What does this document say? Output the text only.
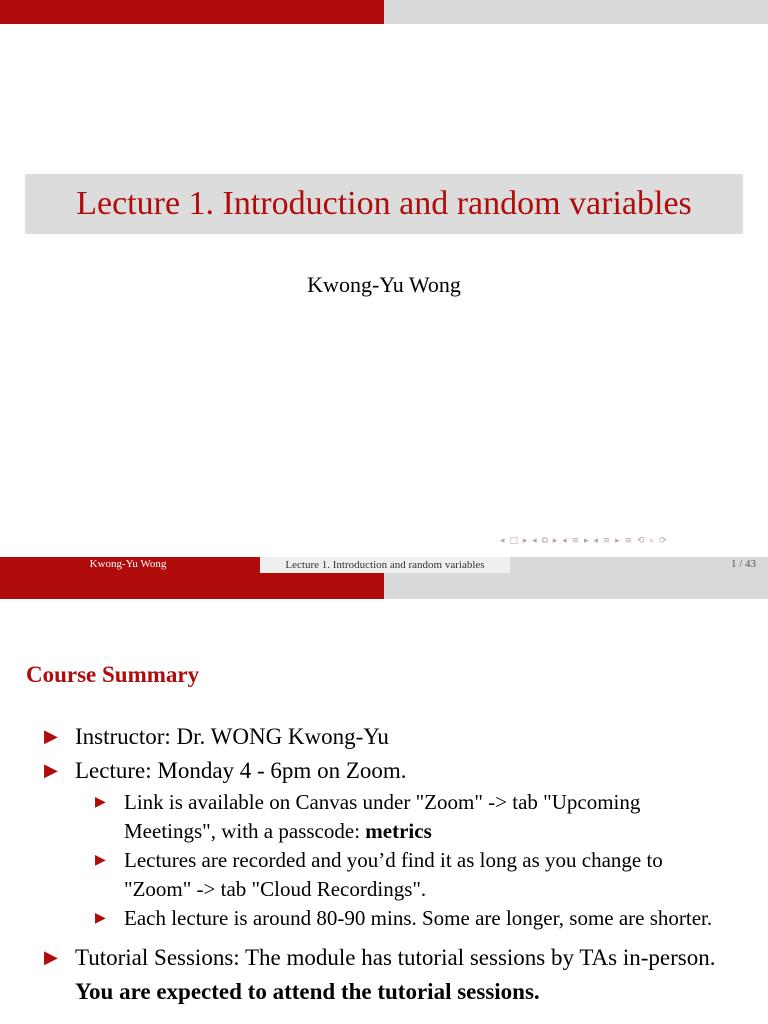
Lecture 1. Introduction and random variables
Kwong-Yu Wong
◂ □ ▸ ◂ ⧉ ▸ ◂ ≡ ▸ ◂ ≡ ▸ ≡ ⟲ ⌕ ⟳
Kwong-Yu Wong	Lecture 1. Introduction and random variables	1 / 43
Course Summary
▶ Instructor: Dr. WONG Kwong-Yu
▶ Lecture: Monday 4 - 6pm on Zoom.
▶ Link is available on Canvas under "Zoom" -> tab "Upcoming Meetings", with a passcode: metrics
▶ Lectures are recorded and you’d find it as long as you change to "Zoom" -> tab "Cloud Recordings".
▶ Each lecture is around 80-90 mins. Some are longer, some are shorter.
▶ Tutorial Sessions: The module has tutorial sessions by TAs in-person. You are expected to attend the tutorial sessions.
